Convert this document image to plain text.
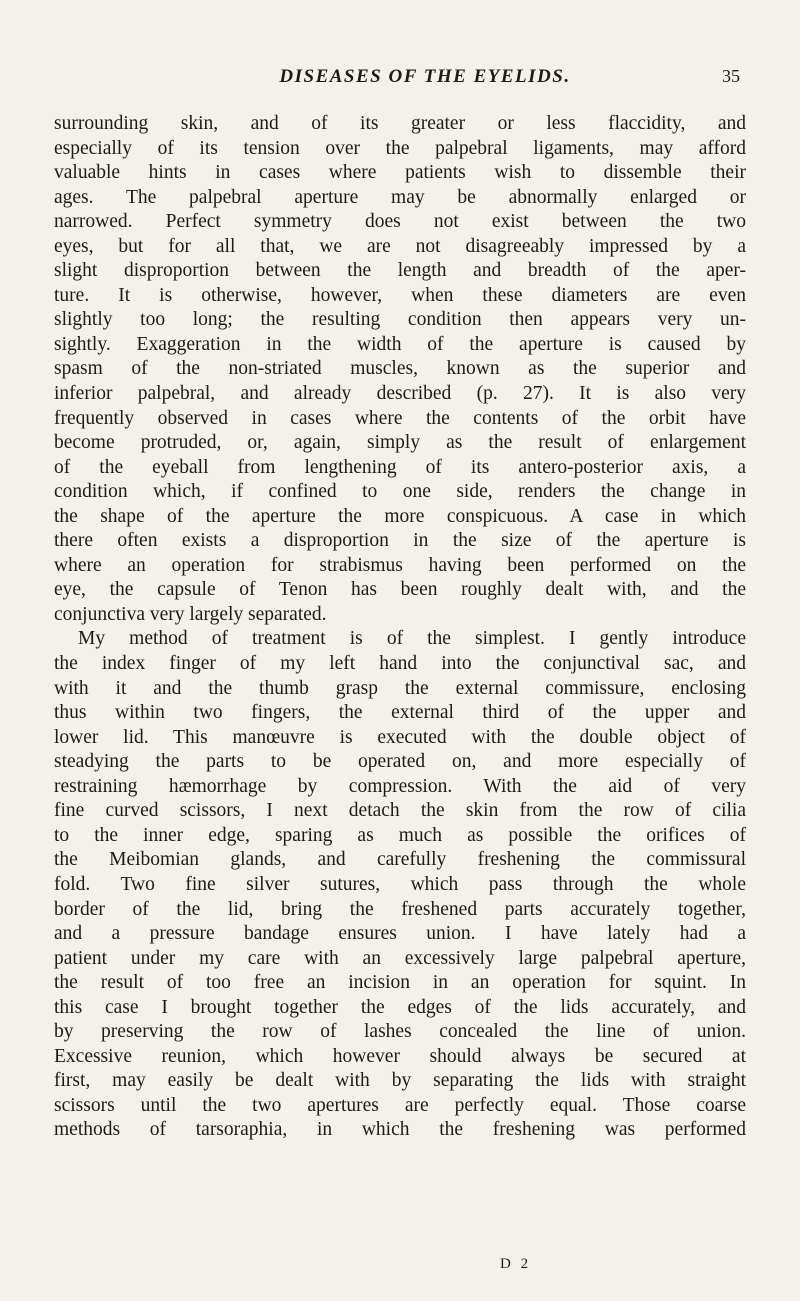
DISEASES OF THE EYELIDS.	35
surrounding skin, and of its greater or less flaccidity, and
especially of its tension over the palpebral ligaments, may afford
valuable hints in cases where patients wish to dissemble their
ages. The palpebral aperture may be abnormally enlarged or
narrowed. Perfect symmetry does not exist between the two
eyes, but for all that, we are not disagreeably impressed by a
slight disproportion between the length and breadth of the aper-
ture. It is otherwise, however, when these diameters are even
slightly too long; the resulting condition then appears very un-
sightly. Exaggeration in the width of the aperture is caused by
spasm of the non-striated muscles, known as the superior and
inferior palpebral, and already described (p. 27). It is also very
frequently observed in cases where the contents of the orbit have
become protruded, or, again, simply as the result of enlargement
of the eyeball from lengthening of its antero-posterior axis, a
condition which, if confined to one side, renders the change in
the shape of the aperture the more conspicuous. A case in which
there often exists a disproportion in the size of the aperture is
where an operation for strabismus having been performed on the
eye, the capsule of Tenon has been roughly dealt with, and the
conjunctiva very largely separated.
My method of treatment is of the simplest. I gently introduce
the index finger of my left hand into the conjunctival sac, and
with it and the thumb grasp the external commissure, enclosing
thus within two fingers, the external third of the upper and
lower lid. This manœuvre is executed with the double object of
steadying the parts to be operated on, and more especially of
restraining hæmorrhage by compression. With the aid of very
fine curved scissors, I next detach the skin from the row of cilia
to the inner edge, sparing as much as possible the orifices of
the Meibomian glands, and carefully freshening the commissural
fold. Two fine silver sutures, which pass through the whole
border of the lid, bring the freshened parts accurately together,
and a pressure bandage ensures union. I have lately had a
patient under my care with an excessively large palpebral aperture,
the result of too free an incision in an operation for squint. In
this case I brought together the edges of the lids accurately, and
by preserving the row of lashes concealed the line of union.
Excessive reunion, which however should always be secured at
first, may easily be dealt with by separating the lids with straight
scissors until the two apertures are perfectly equal. Those coarse
methods of tarsoraphia, in which the freshening was performed
D 2
